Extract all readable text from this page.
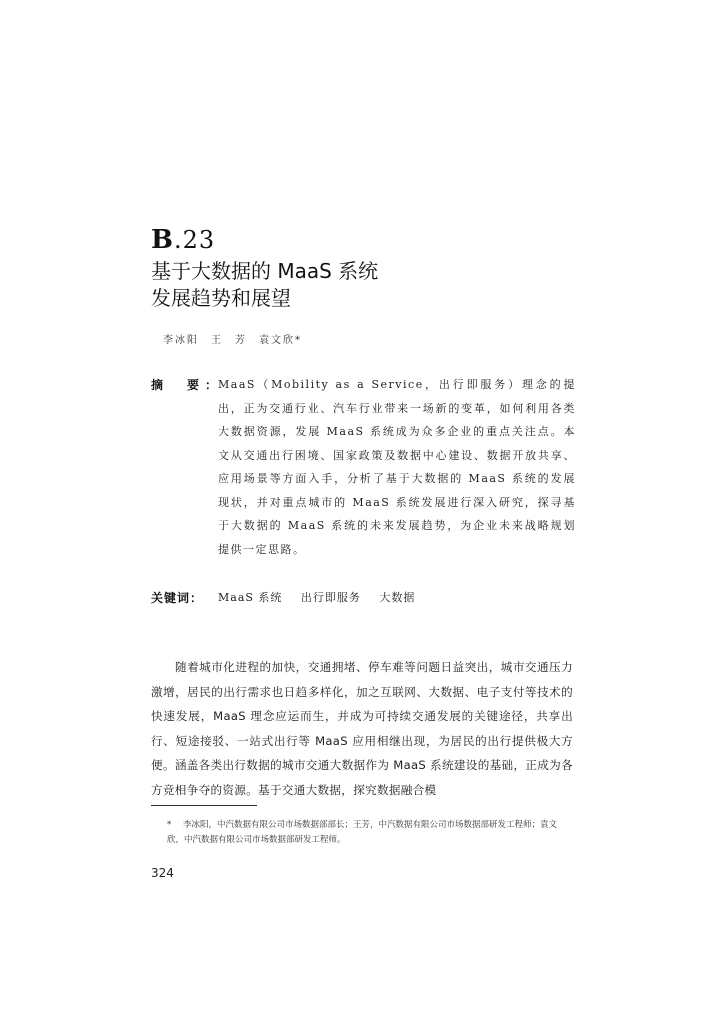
B.23
基于大数据的 MaaS 系统
发展趋势和展望
李冰阳　王　芳　袁文欣*
摘　要：
MaaS（Mobility as a Service，出行即服务）理念的提出，正为交通行业、汽车行业带来一场新的变革，如何利用各类大数据资源，发展 MaaS 系统成为众多企业的重点关注点。本文从交通出行困境、国家政策及数据中心建设、数据开放共享、应用场景等方面入手，分析了基于大数据的 MaaS 系统的发展现状，并对重点城市的 MaaS 系统发展进行深入研究，探寻基于大数据的 MaaS 系统的未来发展趋势，为企业未来战略规划提供一定思路。
关键词： MaaS 系统 出行即服务 大数据
随着城市化进程的加快，交通拥堵、停车难等问题日益突出，城市交通压力激增，居民的出行需求也日趋多样化，加之互联网、大数据、电子支付等技术的快速发展，MaaS 理念应运而生，并成为可持续交通发展的关键途径，共享出行、短途接驳、一站式出行等 MaaS 应用相继出现，为居民的出行提供极大方便。涵盖各类出行数据的城市交通大数据作为 MaaS 系统建设的基础，正成为各方竞相争夺的资源。基于交通大数据，探究数据融合模
* 李冰阳，中汽数据有限公司市场数据部部长；王芳，中汽数据有限公司市场数据部研发工程师；袁文欣，中汽数据有限公司市场数据部研发工程师。
324
